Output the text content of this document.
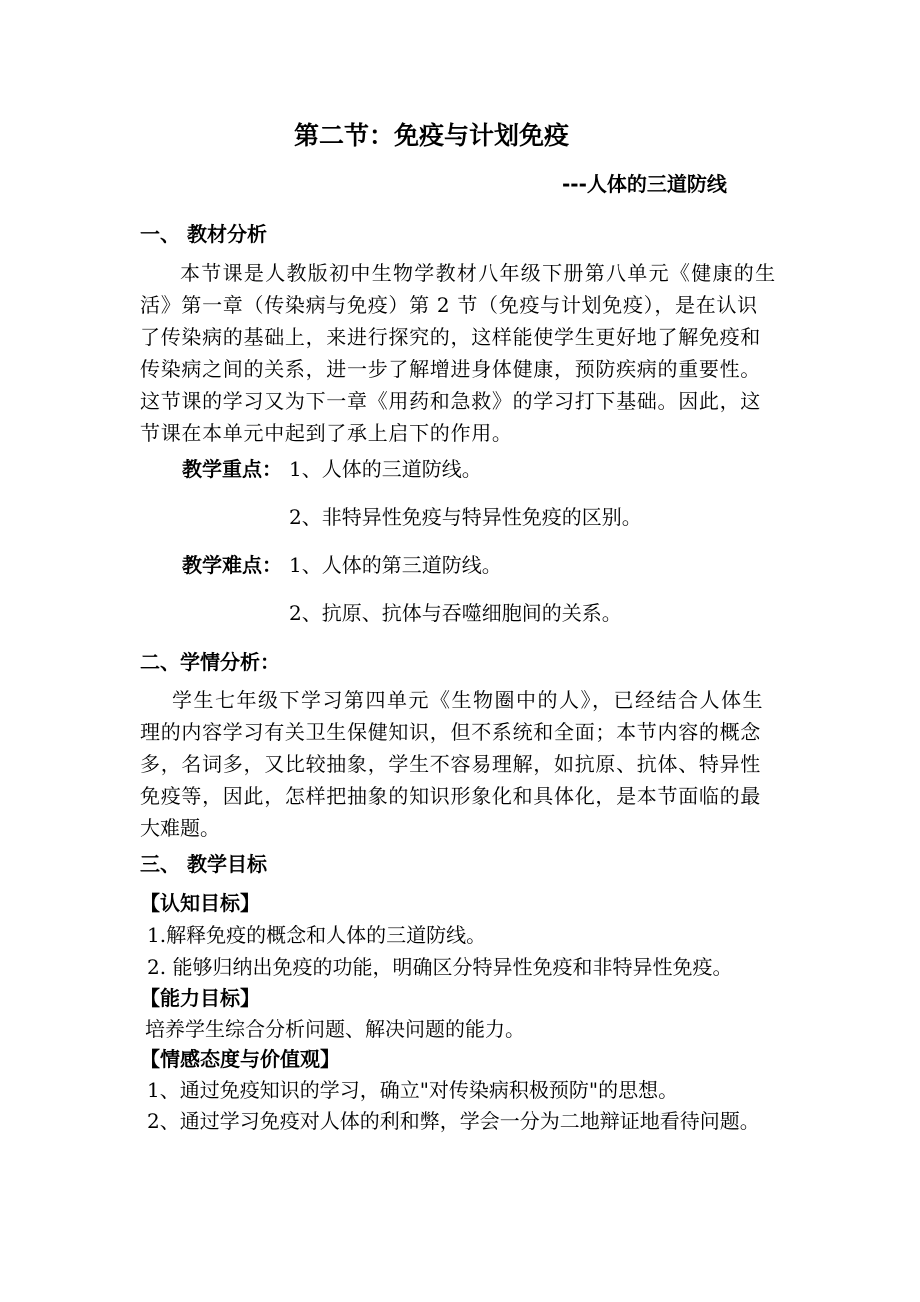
第二节：免疫与计划免疫
---人体的三道防线
一、 教材分析
本节课是人教版初中生物学教材八年级下册第八单元《健康的生
活》第一章（传染病与免疫）第 2 节（免疫与计划免疫），是在认识
了传染病的基础上，来进行探究的，这样能使学生更好地了解免疫和
传染病之间的关系，进一步了解增进身体健康，预防疾病的重要性。
这节课的学习又为下一章《用药和急救》的学习打下基础。因此，这
节课在本单元中起到了承上启下的作用。
教学重点： 1、人体的三道防线。
2、非特异性免疫与特异性免疫的区别。
教学难点： 1、人体的第三道防线。
2、抗原、抗体与吞噬细胞间的关系。
二、学情分析：
学生七年级下学习第四单元《生物圈中的人》，已经结合人体生
理的内容学习有关卫生保健知识，但不系统和全面；本节内容的概念
多，名词多，又比较抽象，学生不容易理解，如抗原、抗体、特异性
免疫等，因此，怎样把抽象的知识形象化和具体化，是本节面临的最
大难题。
三、 教学目标
【认知目标】
1.解释免疫的概念和人体的三道防线。
2. 能够归纳出免疫的功能，明确区分特异性免疫和非特异性免疫。
【能力目标】
培养学生综合分析问题、解决问题的能力。
【情感态度与价值观】
1、通过免疫知识的学习，确立"对传染病积极预防"的思想。
2、通过学习免疫对人体的利和弊，学会一分为二地辩证地看待问题。
